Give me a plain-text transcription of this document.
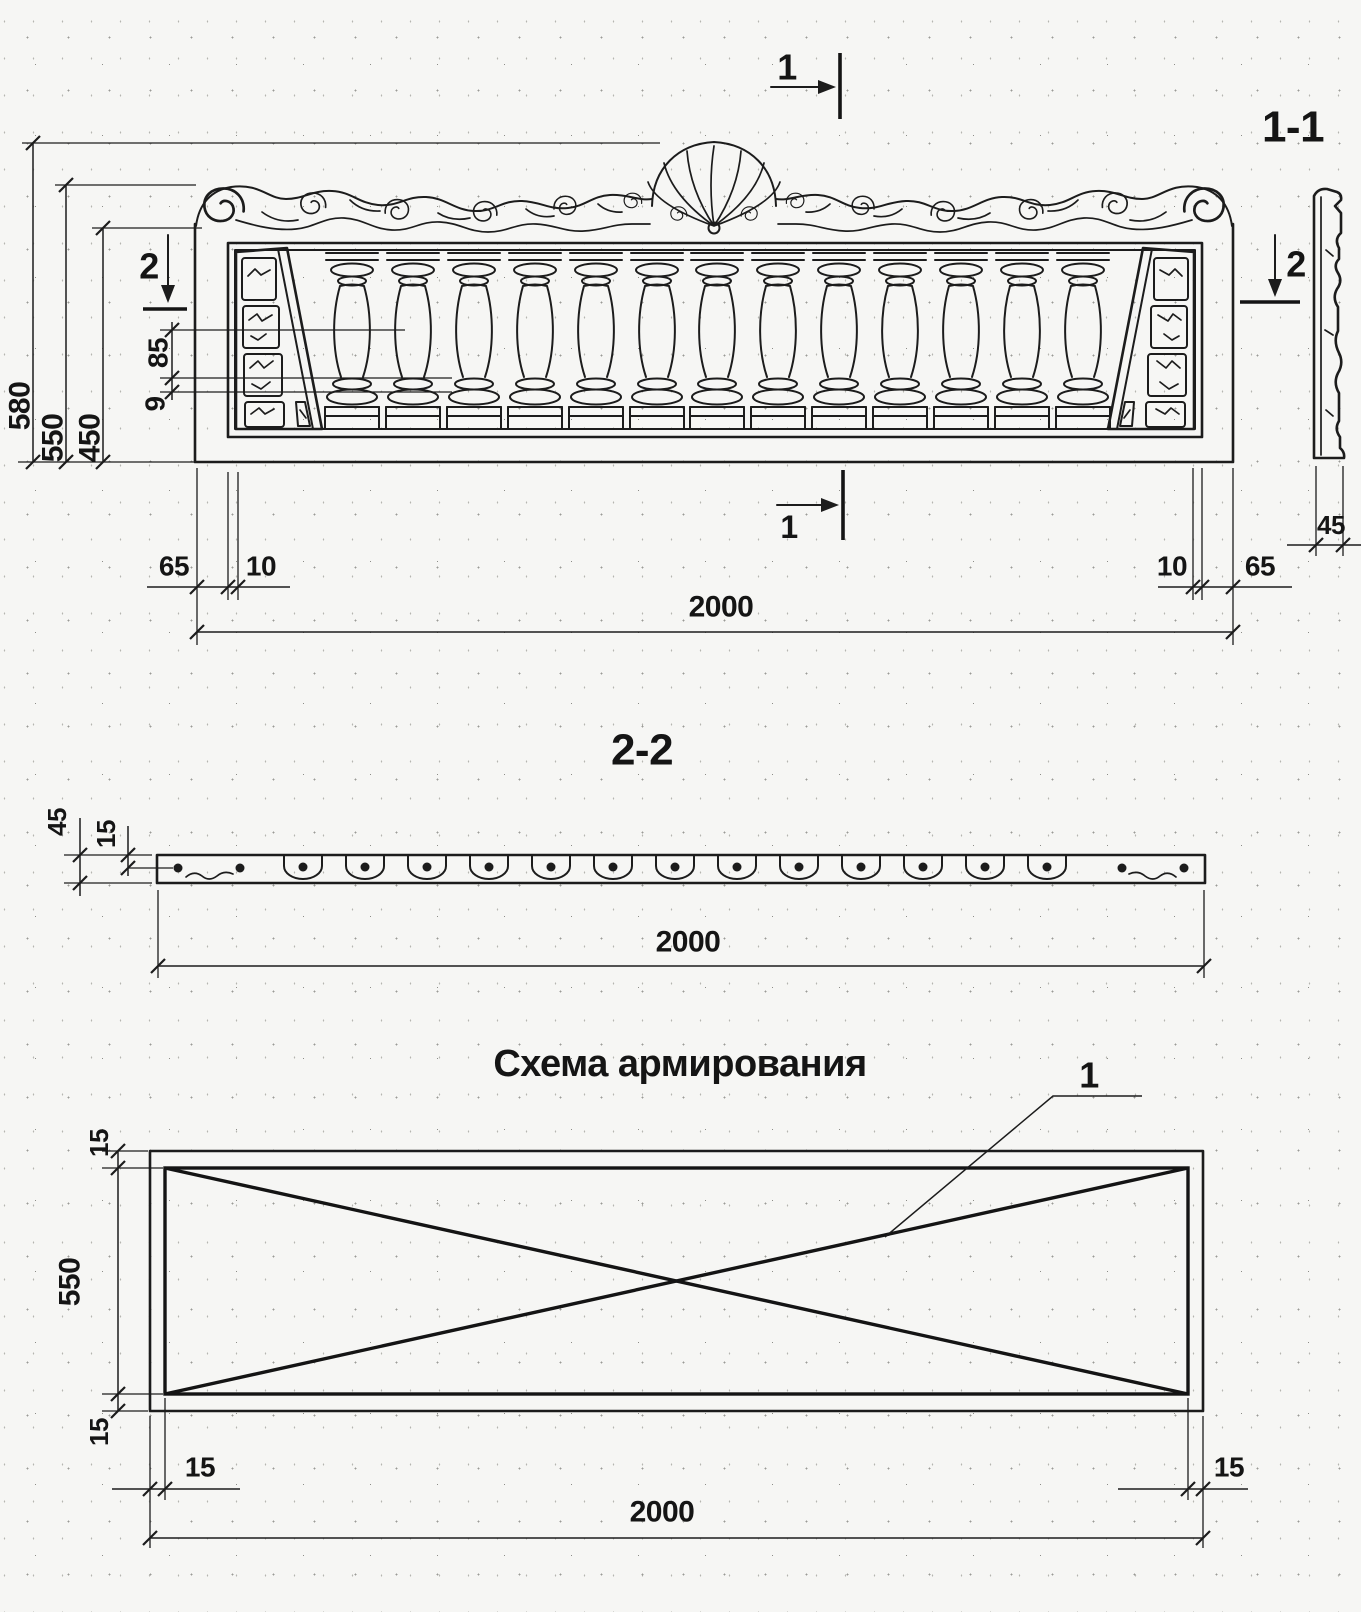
1
1
2	2
580
550 450
85
9
65 10	10 65
2000
1-1
45
2-2
45 15
2000
Схема армирования	1
15
550
15
15	15
2000
